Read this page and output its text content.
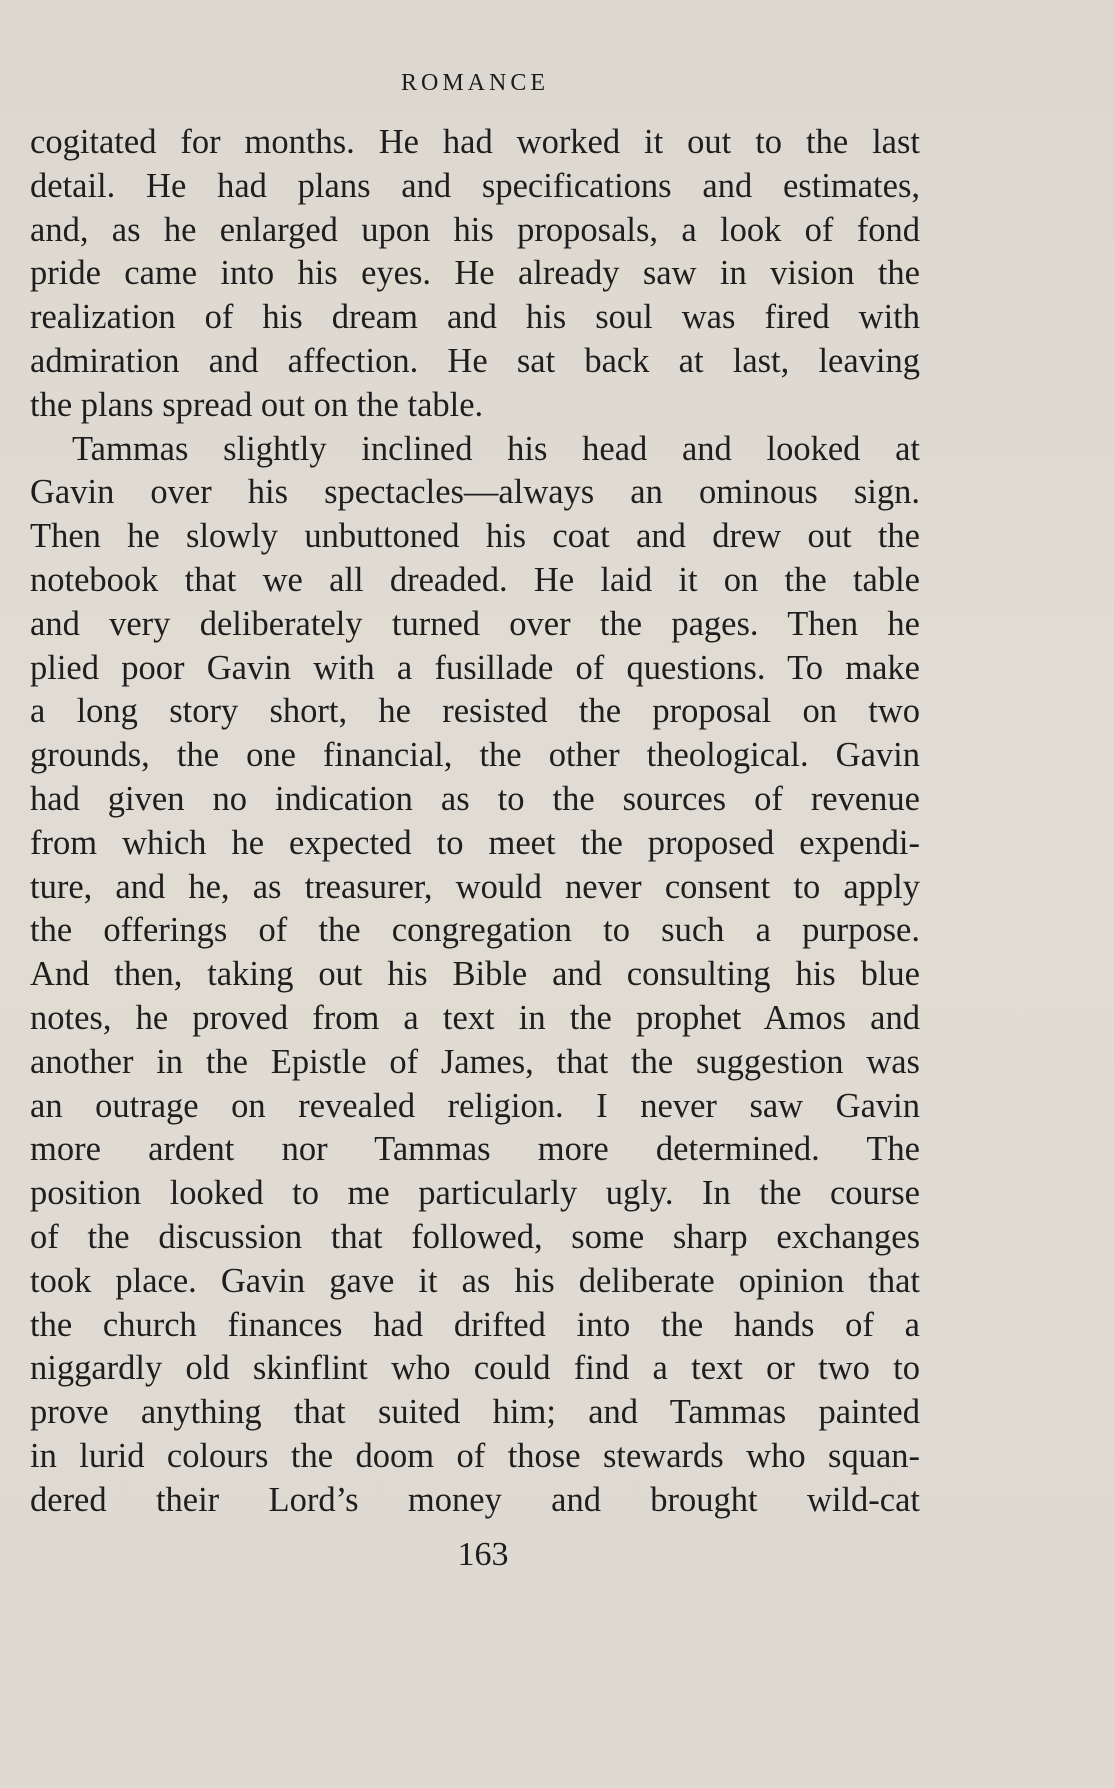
ROMANCE
cogitated for months. He had worked it out to the last
detail. He had plans and specifications and estimates,
and, as he enlarged upon his proposals, a look of fond
pride came into his eyes. He already saw in vision the
realization of his dream and his soul was fired with
admiration and affection. He sat back at last, leaving
the plans spread out on the table.
Tammas slightly inclined his head and looked at
Gavin over his spectacles—always an ominous sign.
Then he slowly unbuttoned his coat and drew out the
notebook that we all dreaded. He laid it on the table
and very deliberately turned over the pages. Then he
plied poor Gavin with a fusillade of questions. To make
a long story short, he resisted the proposal on two
grounds, the one financial, the other theological. Gavin
had given no indication as to the sources of revenue
from which he expected to meet the proposed expendi-
ture, and he, as treasurer, would never consent to apply
the offerings of the congregation to such a purpose.
And then, taking out his Bible and consulting his blue
notes, he proved from a text in the prophet Amos and
another in the Epistle of James, that the suggestion was
an outrage on revealed religion. I never saw Gavin
more ardent nor Tammas more determined. The
position looked to me particularly ugly. In the course
of the discussion that followed, some sharp exchanges
took place. Gavin gave it as his deliberate opinion that
the church finances had drifted into the hands of a
niggardly old skinflint who could find a text or two to
prove anything that suited him; and Tammas painted
in lurid colours the doom of those stewards who squan-
dered their Lord’s money and brought wild-cat
163
